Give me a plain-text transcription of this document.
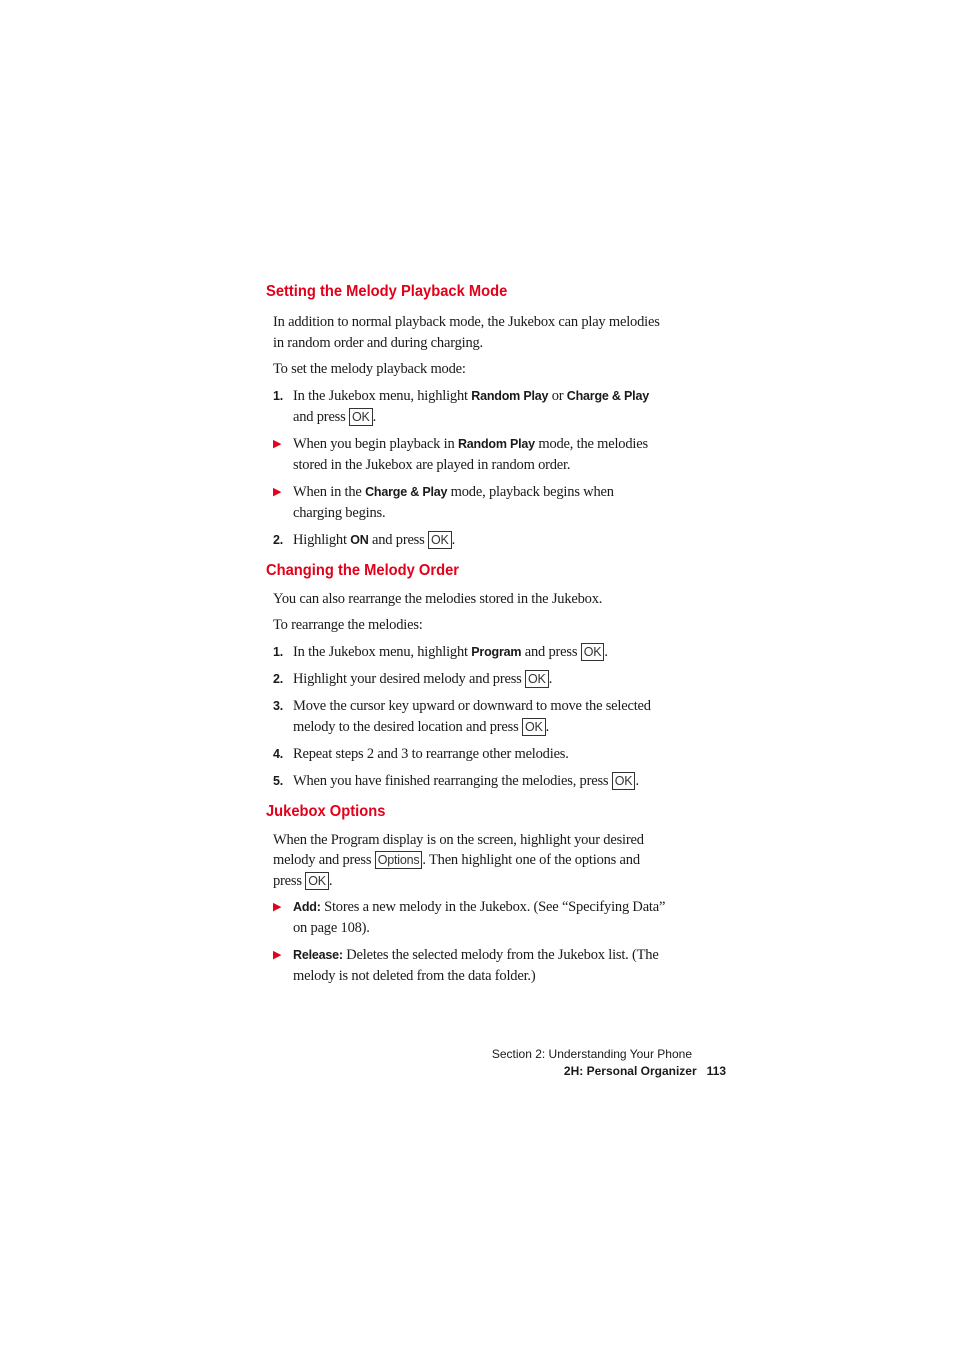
Setting the Melody Playback Mode

In addition to normal playback mode, the Jukebox can play melodies in random order and during charging.

To set the melody playback mode:

1. In the Jukebox menu, highlight Random Play or Charge & Play and press OK .
▶ When you begin playback in Random Play mode, the melodies stored in the Jukebox are played in random order.
▶ When in the Charge & Play mode, playback begins when charging begins.
2. Highlight ON and press OK .
Changing the Melody Order

You can also rearrange the melodies stored in the Jukebox.

To rearrange the melodies:

1. In the Jukebox menu, highlight Program and press OK .
2. Highlight your desired melody and press OK .
3. Move the cursor key upward or downward to move the selected melody to the desired location and press OK .
4. Repeat steps 2 and 3 to rearrange other melodies.
5. When you have finished rearranging the melodies, press OK .
Jukebox Options

When the Program display is on the screen, highlight your desired melody and press Options . Then highlight one of the options and press OK .

▶ Add: Stores a new melody in the Jukebox. (See “Specifying Data” on page 108).
▶ Release: Deletes the selected melody from the Jukebox list. (The melody is not deleted from the data folder.)
Section 2: Understanding Your Phone
2H: Personal Organizer 113
